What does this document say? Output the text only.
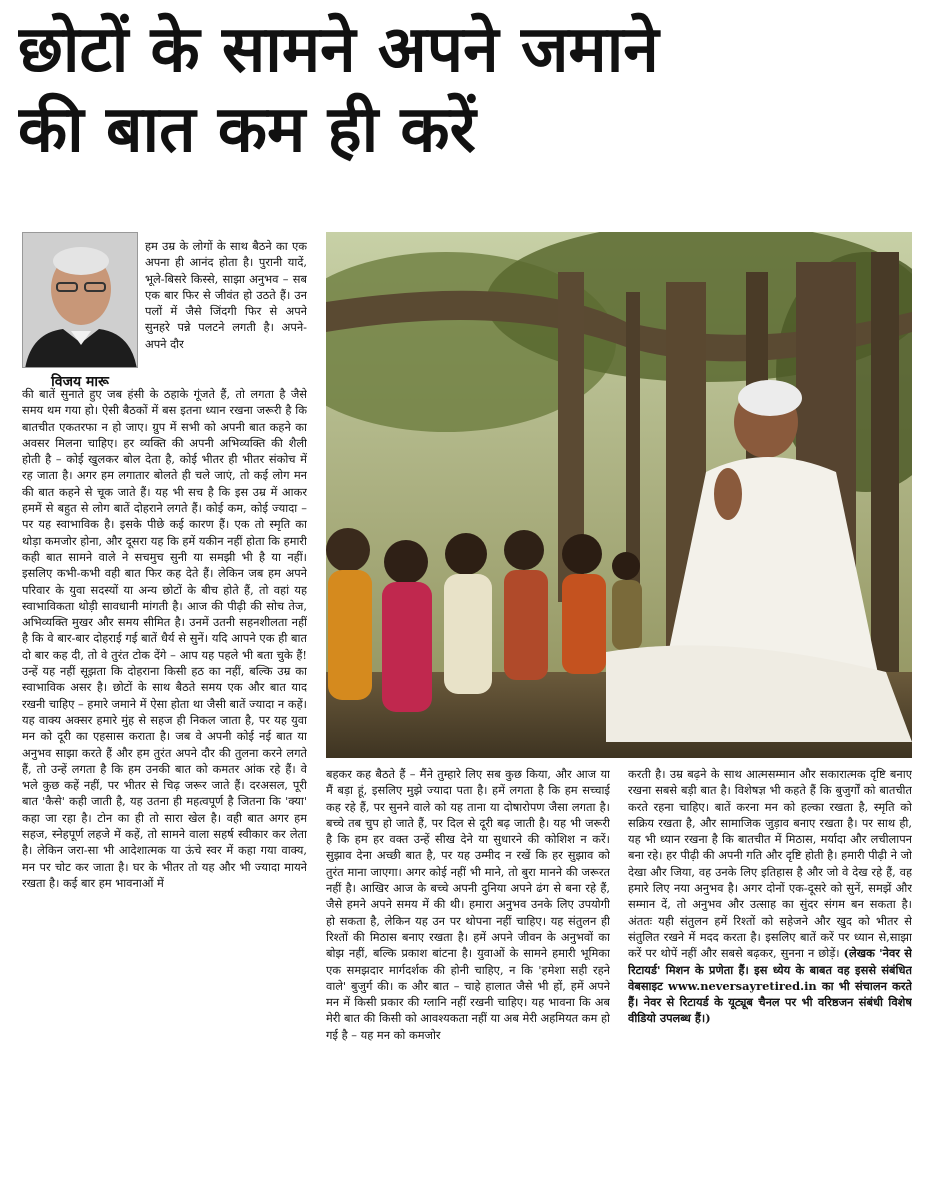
छोटों के सामने अपने जमाने
की बात कम ही करें
विजय मारू
हम उम्र के लोगों के साथ बैठने का एक अपना ही आनंद होता है। पुरानी यादें, भूले-बिसरे किस्से, साझा अनुभव – सब एक बार फिर से जीवंत हो उठते हैं। उन पलों में जैसे जिंदगी फिर से अपने सुनहरे पन्ने पलटने लगती है। अपने-अपने दौर
की बातें सुनाते हुए जब हंसी के ठहाके गूंजते हैं, तो लगता है जैसे समय थम गया हो। ऐसी बैठकों में बस इतना ध्यान रखना जरूरी है कि बातचीत एकतरफा न हो जाए। ग्रुप में सभी को अपनी बात कहने का अवसर मिलना चाहिए। हर व्यक्ति की अपनी अभिव्यक्ति की शैली होती है – कोई खुलकर बोल देता है, कोई भीतर ही भीतर संकोच में रह जाता है। अगर हम लगातार बोलते ही चले जाएं, तो कई लोग मन की बात कहने से चूक जाते हैं। यह भी सच है कि इस उम्र में आकर हममें से बहुत से लोग बातें दोहराने लगते हैं। कोई कम, कोई ज्यादा – पर यह स्वाभाविक है। इसके पीछे कई कारण हैं। एक तो स्मृति का थोड़ा कमजोर होना, और दूसरा यह कि हमें यकीन नहीं होता कि हमारी कही बात सामने वाले ने सचमुच सुनी या समझी भी है या नहीं। इसलिए कभी-कभी वही बात फिर कह देते हैं। लेकिन जब हम अपने परिवार के युवा सदस्यों या अन्य छोटों के बीच होते हैं, तो वहां यह स्वाभाविकता थोड़ी सावधानी मांगती है। आज की पीढ़ी की सोच तेज, अभिव्यक्ति मुखर और समय सीमित है। उनमें उतनी सहनशीलता नहीं है कि वे बार-बार दोहराई गई बातें धैर्य से सुनें। यदि आपने एक ही बात दो बार कह दी, तो वे तुरंत टोक देंगे – आप यह पहले भी बता चुके हैं! उन्हें यह नहीं सूझता कि दोहराना किसी हठ का नहीं, बल्कि उम्र का स्वाभाविक असर है। छोटों के साथ बैठते समय एक और बात याद रखनी चाहिए – हमारे जमाने में ऐसा होता था जैसी बातें ज्यादा न कहें। यह वाक्य अक्सर हमारे मुंह से सहज ही निकल जाता है, पर यह युवा मन को दूरी का एहसास कराता है। जब वे अपनी कोई नई बात या अनुभव साझा करते हैं और हम तुरंत अपने दौर की तुलना करने लगते हैं, तो उन्हें लगता है कि हम उनकी बात को कमतर आंक रहे हैं। वे भले कुछ कहें नहीं, पर भीतर से चिढ़ जरूर जाते हैं। दरअसल, पूरी बात 'कैसे' कही जाती है, यह उतना ही महत्वपूर्ण है जितना कि 'क्या' कहा जा रहा है। टोन का ही तो सारा खेल है। वही बात अगर हम सहज, स्नेहपूर्ण लहजे में कहें, तो सामने वाला सहर्ष स्वीकार कर लेता है। लेकिन जरा-सा भी आदेशात्मक या ऊंचे स्वर में कहा गया वाक्य, मन पर चोट कर जाता है। घर के भीतर तो यह और भी ज्यादा मायने रखता है। कई बार हम भावनाओं में
बहकर कह बैठते हैं – मैंने तुम्हारे लिए सब कुछ किया, और आज या मैं बड़ा हूं, इसलिए मुझे ज्यादा पता है। हमें लगता है कि हम सच्चाई कह रहे हैं, पर सुनने वाले को यह ताना या दोषारोपण जैसा लगता है। बच्चे तब चुप हो जाते हैं, पर दिल से दूरी बढ़ जाती है। यह भी जरूरी है कि हम हर वक्त उन्हें सीख देने या सुधारने की कोशिश न करें। सुझाव देना अच्छी बात है, पर यह उम्मीद न रखें कि हर सुझाव को तुरंत माना जाएगा। अगर कोई नहीं भी माने, तो बुरा मानने की जरूरत नहीं है। आखिर आज के बच्चे अपनी दुनिया अपने ढंग से बना रहे हैं, जैसे हमने अपने समय में की थी। हमारा अनुभव उनके लिए उपयोगी हो सकता है, लेकिन यह उन पर थोपना नहीं चाहिए। यह संतुलन ही रिश्तों की मिठास बनाए रखता है। हमें अपने जीवन के अनुभवों का बोझ नहीं, बल्कि प्रकाश बांटना है। युवाओं के सामने हमारी भूमिका एक समझदार मार्गदर्शक की होनी चाहिए, न कि 'हमेशा सही रहने वाले' बुजुर्ग की। क और बात – चाहे हालात जैसे भी हों, हमें अपने मन में किसी प्रकार की ग्लानि नहीं रखनी चाहिए। यह भावना कि अब मेरी बात की किसी को आवश्यकता नहीं या अब मेरी अहमियत कम हो गई है – यह मन को कमजोर
करती है। उम्र बढ़ने के साथ आत्मसम्मान और सकारात्मक दृष्टि बनाए रखना सबसे बड़ी बात है। विशेषज्ञ भी कहते हैं कि बुजुर्गों को बातचीत करते रहना चाहिए। बातें करना मन को हल्का रखता है, स्मृति को सक्रिय रखता है, और सामाजिक जुड़ाव बनाए रखता है। पर साथ ही, यह भी ध्यान रखना है कि बातचीत में मिठास, मर्यादा और लचीलापन बना रहे। हर पीढ़ी की अपनी गति और दृष्टि होती है। हमारी पीढ़ी ने जो देखा और जिया, वह उनके लिए इतिहास है और जो वे देख रहे हैं, वह हमारे लिए नया अनुभव है। अगर दोनों एक-दूसरे को सुनें, समझें और सम्मान दें, तो अनुभव और उत्साह का सुंदर संगम बन सकता है। अंततः यही संतुलन हमें रिश्तों को सहेजने और खुद को भीतर से संतुलित रखने में मदद करता है। इसलिए बातें करें पर ध्यान से,साझा करें पर थोपें नहीं और सबसे बढ़कर, सुनना न छोड़ें। (लेखक 'नेवर से रिटायर्ड' मिशन के प्रणेता हैं। इस ध्येय के बाबत वह इससे संबंधित वेबसाइट www.neversayretired.in का भी संचालन करते हैं। नेवर से रिटायर्ड के यूट्यूब चैनल पर भी वरिष्ठजन संबंधी विशेष वीडियो उपलब्ध हैं।)
